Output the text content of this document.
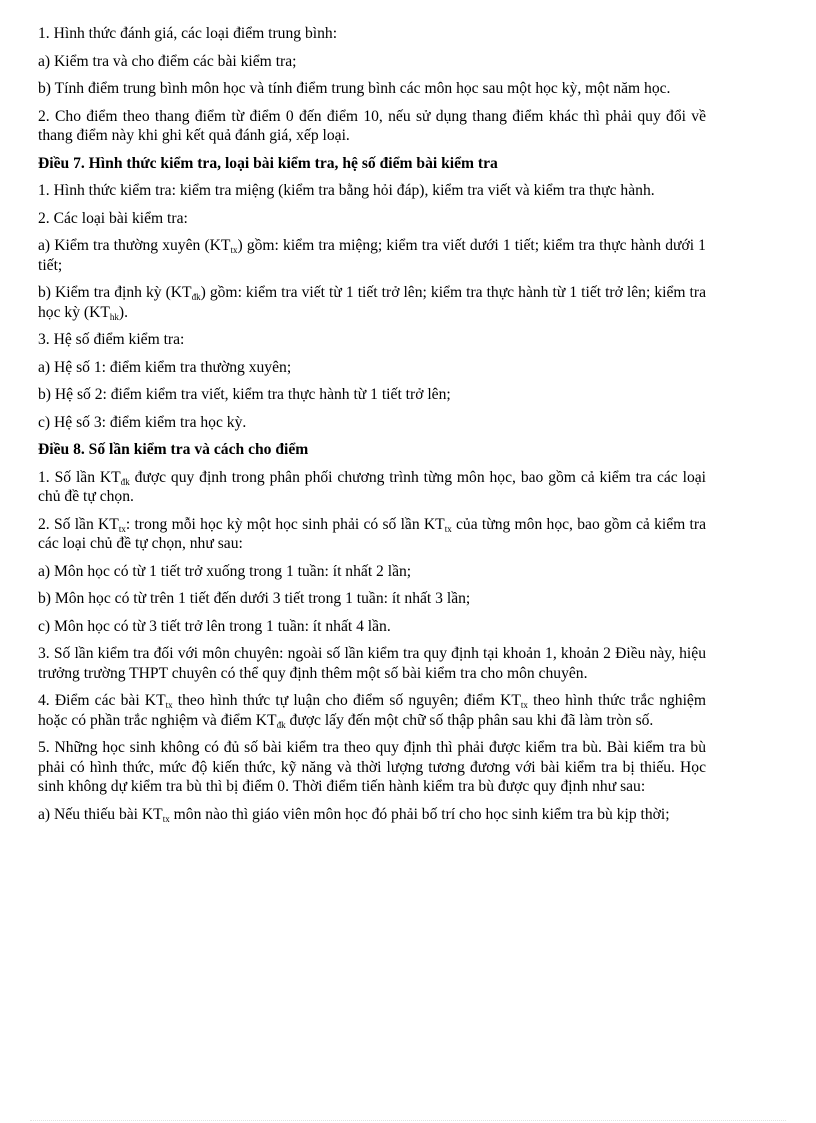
1. Hình thức đánh giá, các loại điểm trung bình:

a) Kiểm tra và cho điểm các bài kiểm tra;

b) Tính điểm trung bình môn học và tính điểm trung bình các môn học sau một học kỳ, một năm học.

2. Cho điểm theo thang điểm từ điểm 0 đến điểm 10, nếu sử dụng thang điểm khác thì phải quy đổi về thang điểm này khi ghi kết quả đánh giá, xếp loại.

Điều 7. Hình thức kiểm tra, loại bài kiểm tra, hệ số điểm bài kiểm tra

1. Hình thức kiểm tra: kiểm tra miệng (kiểm tra bằng hỏi đáp), kiểm tra viết và kiểm tra thực hành.

2. Các loại bài kiểm tra:

a) Kiểm tra thường xuyên $(KT_{tx})$ gồm: kiểm tra miệng; kiểm tra viết dưới 1 tiết; kiểm tra thực hành dưới 1 tiết;

b) Kiểm tra định kỳ $(KT_{đk})$ gồm: kiểm tra viết từ 1 tiết trở lên; kiểm tra thực hành từ 1 tiết trở lên; kiểm tra học kỳ $(KT_{hk})$.

3. Hệ số điểm kiểm tra:

a) Hệ số 1: điểm kiểm tra thường xuyên;

b) Hệ số 2: điểm kiểm tra viết, kiểm tra thực hành từ 1 tiết trở lên;

c) Hệ số 3: điểm kiểm tra học kỳ.

Điều 8. Số lần kiểm tra và cách cho điểm

1. Số lần $KT_{đk}$ được quy định trong phân phối chương trình từng môn học, bao gồm cả kiểm tra các loại chủ đề tự chọn.

2. Số lần $KT_{tx}$: trong mỗi học kỳ một học sinh phải có số lần $KT_{tx}$ của từng môn học, bao gồm cả kiểm tra các loại chủ đề tự chọn, như sau:

a) Môn học có từ 1 tiết trở xuống trong 1 tuần: ít nhất 2 lần;

b) Môn học có từ trên 1 tiết đến dưới 3 tiết trong 1 tuần: ít nhất 3 lần;

c) Môn học có từ 3 tiết trở lên trong 1 tuần: ít nhất 4 lần.

3. Số lần kiểm tra đối với môn chuyên: ngoài số lần kiểm tra quy định tại khoản 1, khoản 2 Điều này, hiệu trưởng trường THPT chuyên có thể quy định thêm một số bài kiểm tra cho môn chuyên.

4. Điểm các bài $KT_{tx}$ theo hình thức tự luận cho điểm số nguyên; điểm $KT_{tx}$ theo hình thức trắc nghiệm hoặc có phần trắc nghiệm và điểm $KT_{đk}$ được lấy đến một chữ số thập phân sau khi đã làm tròn số.

5. Những học sinh không có đủ số bài kiểm tra theo quy định thì phải được kiểm tra bù. Bài kiểm tra bù phải có hình thức, mức độ kiến thức, kỹ năng và thời lượng tương đương với bài kiểm tra bị thiếu. Học sinh không dự kiểm tra bù thì bị điểm 0. Thời điểm tiến hành kiểm tra bù được quy định như sau:

a) Nếu thiếu bài $KT_{tx}$ môn nào thì giáo viên môn học đó phải bố trí cho học sinh kiểm tra bù kịp thời;
